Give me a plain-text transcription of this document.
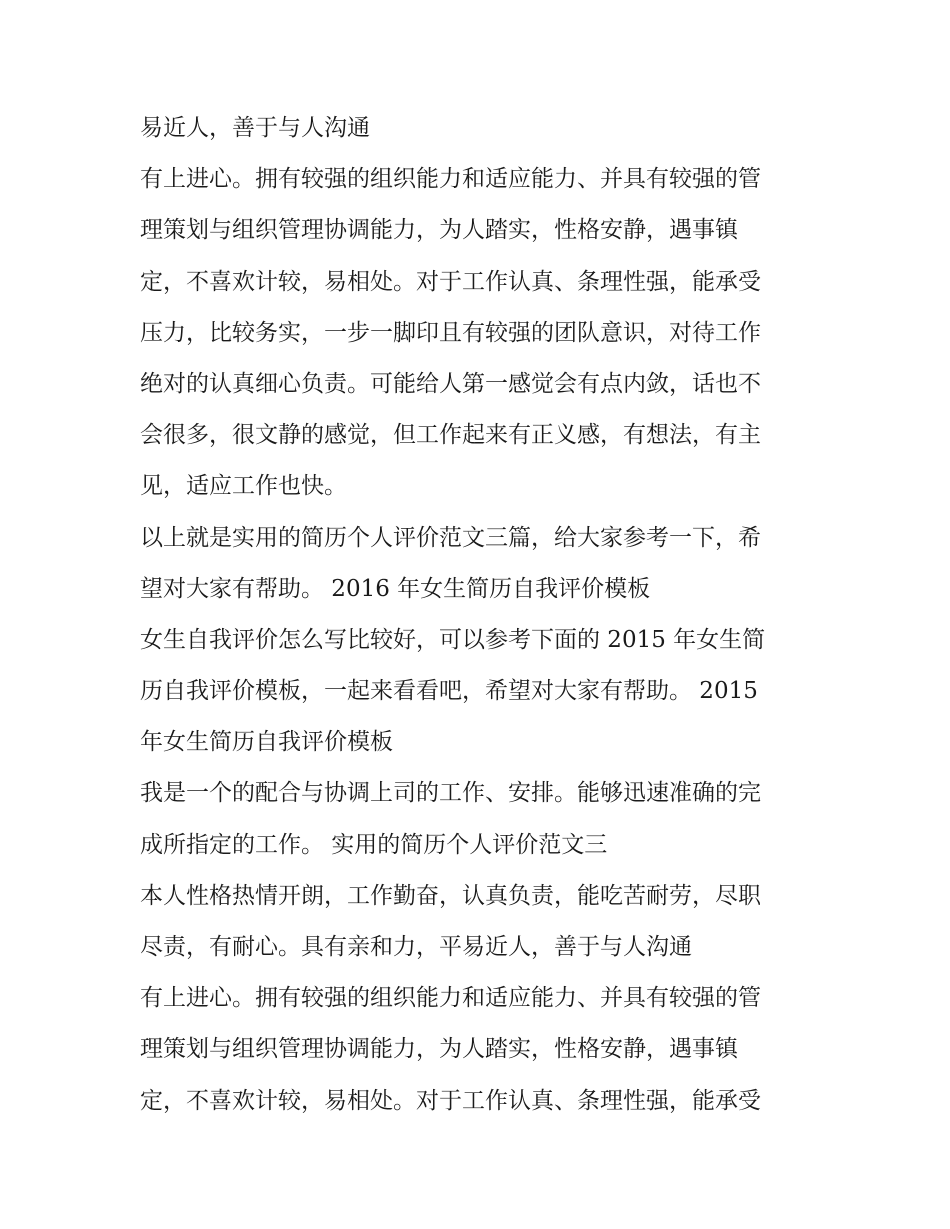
易近人，善于与人沟通
有上进心。拥有较强的组织能力和适应能力、并具有较强的管
理策划与组织管理协调能力，为人踏实，性格安静，遇事镇
定，不喜欢计较，易相处。对于工作认真、条理性强，能承受
压力，比较务实，一步一脚印且有较强的团队意识，对待工作
绝对的认真细心负责。可能给人第一感觉会有点内敛，话也不
会很多，很文静的感觉，但工作起来有正义感，有想法，有主
见，适应工作也快。
以上就是实用的简历个人评价范文三篇，给大家参考一下，希
望对大家有帮助。 2016 年女生简历自我评价模板
女生自我评价怎么写比较好，可以参考下面的 2015 年女生简
历自我评价模板，一起来看看吧，希望对大家有帮助。 2015
年女生简历自我评价模板
我是一个的配合与协调上司的工作、安排。能够迅速准确的完
成所指定的工作。 实用的简历个人评价范文三
本人性格热情开朗，工作勤奋，认真负责，能吃苦耐劳，尽职
尽责，有耐心。具有亲和力，平易近人，善于与人沟通
有上进心。拥有较强的组织能力和适应能力、并具有较强的管
理策划与组织管理协调能力，为人踏实，性格安静，遇事镇
定，不喜欢计较，易相处。对于工作认真、条理性强，能承受
